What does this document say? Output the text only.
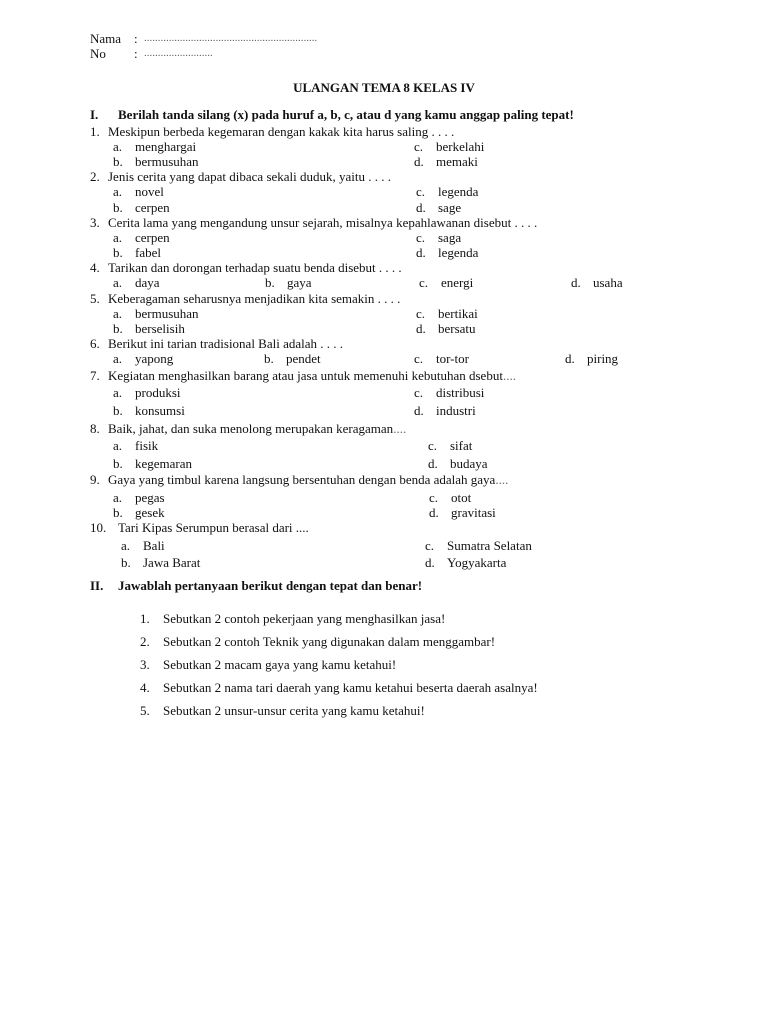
Nama : ...............................................................
No : .........................
ULANGAN TEMA 8 KELAS IV
I. Berilah tanda silang (x) pada huruf a, b, c, atau d yang kamu anggap paling tepat!
1. Meskipun berbeda kegemaran dengan kakak kita harus saling . . . .
a. menghargai	c. berkelahi
b. bermusuhan	d. memaki
2. Jenis cerita yang dapat dibaca sekali duduk, yaitu . . . .
a. novel	c. legenda
b. cerpen	d. sage
3. Cerita lama yang mengandung unsur sejarah, misalnya kepahlawanan disebut . . . .
a. cerpen	c. saga
b. fabel	d. legenda
4. Tarikan dan dorongan terhadap suatu benda disebut . . . .
a. daya	b. gaya	c. energi	d. usaha
5. Keberagaman seharusnya menjadikan kita semakin . . . .
a. bermusuhan	c. bertikai
b. berselisih	d. bersatu
6. Berikut ini tarian tradisional Bali adalah . . . .
a. yapong	b. pendet	c. tor-tor	d. piring
7. Kegiatan menghasilkan barang atau jasa untuk memenuhi kebutuhan dsebut....
a. produksi	c. distribusi
b. konsumsi	d. industri
8. Baik, jahat, dan suka menolong merupakan keragaman....
a. fisik	c. sifat
b. kegemaran	d. budaya
9. Gaya yang timbul karena langsung bersentuhan dengan benda adalah gaya....
a. pegas	c. otot
b. gesek	d. gravitasi
10. Tari Kipas Serumpun berasal dari ....
a. Bali	c. Sumatra Selatan
b. Jawa Barat	d. Yogyakarta
II. Jawablah pertanyaan berikut dengan tepat dan benar!
1. Sebutkan 2 contoh pekerjaan yang menghasilkan jasa!
2. Sebutkan 2 contoh Teknik yang digunakan dalam menggambar!
3. Sebutkan 2 macam gaya yang kamu ketahui!
4. Sebutkan 2 nama tari daerah yang kamu ketahui beserta daerah asalnya!
5. Sebutkan 2 unsur-unsur cerita yang kamu ketahui!
